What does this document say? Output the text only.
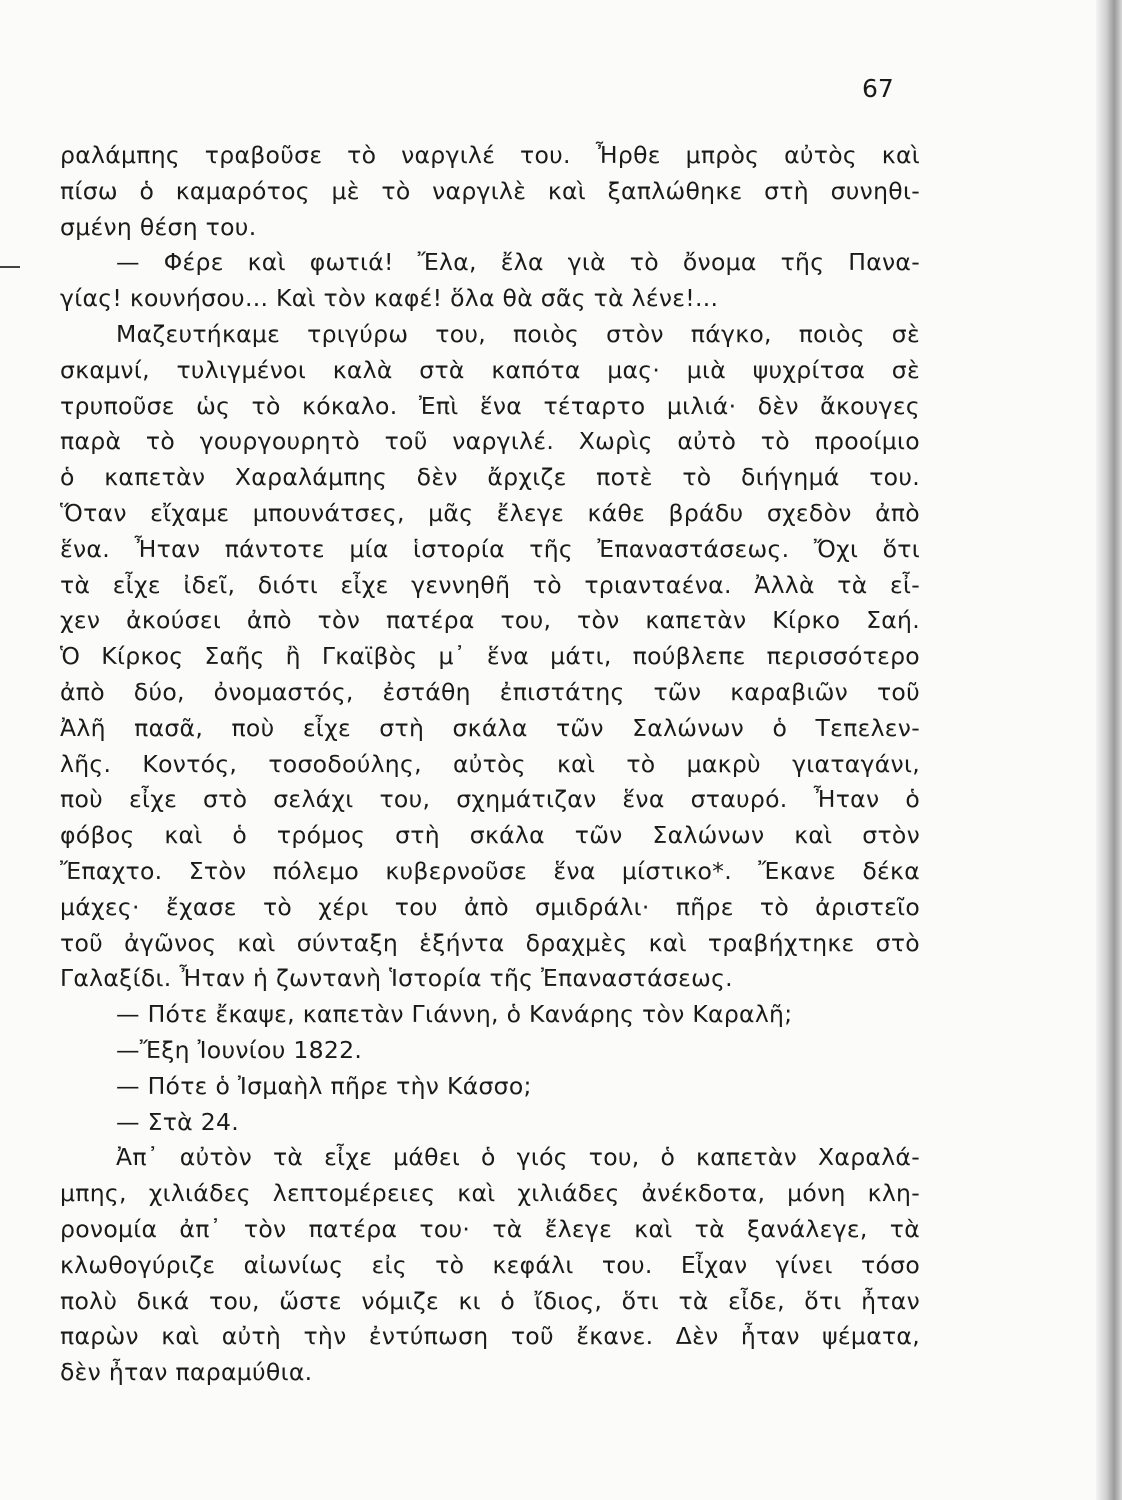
67
ραλάμπης τραβοῦσε τὸ ναργιλέ του. Ἦρθε μπρὸς αὐτὸς καὶ
πίσω ὁ καμαρότος μὲ τὸ ναργιλὲ καὶ ξαπλώθηκε στὴ συνηθι-
σμένη θέση του.
— Φέρε καὶ φωτιά! Ἔλα, ἔλα γιὰ τὸ ὄνομα τῆς Πανα-
γίας! κουνήσου... Καὶ τὸν καφέ! ὅλα θὰ σᾶς τὰ λένε!...
Μαζευτήκαμε τριγύρω του, ποιὸς στὸν πάγκο, ποιὸς σὲ
σκαμνί, τυλιγμένοι καλὰ στὰ καπότα μας· μιὰ ψυχρίτσα σὲ
τρυποῦσε ὡς τὸ κόκαλο. Ἐπὶ ἕνα τέταρτο μιλιά· δὲν ἄκουγες
παρὰ τὸ γουργουρητὸ τοῦ ναργιλέ. Χωρὶς αὐτὸ τὸ προοίμιο
ὁ καπετὰν Χαραλάμπης δὲν ἄρχιζε ποτὲ τὸ διήγημά του.
Ὅταν εἴχαμε μπουνάτσες, μᾶς ἔλεγε κάθε βράδυ σχεδὸν ἀπὸ
ἕνα. Ἦταν πάντοτε μία ἱστορία τῆς Ἐπαναστάσεως. Ὄχι ὅτι
τὰ εἶχε ἰδεῖ, διότι εἶχε γεννηθῆ τὸ τριανταένα. Ἀλλὰ τὰ εἶ-
χεν ἀκούσει ἀπὸ τὸν πατέρα του, τὸν καπετὰν Κίρκο Σαή.
Ὁ Κίρκος Σαῆς ἢ Γκαϊβὸς μ᾽ ἕνα μάτι, πούβλεπε περισσότερο
ἀπὸ δύο, ὀνομαστός, ἐστάθη ἐπιστάτης τῶν καραβιῶν τοῦ
Ἀλῆ πασᾶ, ποὺ εἶχε στὴ σκάλα τῶν Σαλώνων ὁ Τεπελεν-
λῆς. Κοντός, τοσοδούλης, αὐτὸς καὶ τὸ μακρὺ γιαταγάνι,
ποὺ εἶχε στὸ σελάχι του, σχημάτιζαν ἕνα σταυρό. Ἦταν ὁ
φόβος καὶ ὁ τρόμος στὴ σκάλα τῶν Σαλώνων καὶ στὸν
Ἔπαχτο. Στὸν πόλεμο κυβερνοῦσε ἕνα μίστικο*. Ἔκανε δέκα
μάχες· ἔχασε τὸ χέρι του ἀπὸ σμιδράλι· πῆρε τὸ ἀριστεῖο
τοῦ ἀγῶνος καὶ σύνταξη ἑξήντα δραχμὲς καὶ τραβήχτηκε στὸ
Γαλαξίδι. Ἦταν ἡ ζωντανὴ Ἱστορία τῆς Ἐπαναστάσεως.
— Πότε ἔκαψε, καπετὰν Γιάννη, ὁ Κανάρης τὸν Καραλῆ;
—Ἔξη Ἰουνίου 1822.
— Πότε ὁ Ἰσμαὴλ πῆρε τὴν Κάσσο;
— Στὰ 24.
Ἀπ᾽ αὐτὸν τὰ εἶχε μάθει ὁ γιός του, ὁ καπετὰν Χαραλά-
μπης, χιλιάδες λεπτομέρειες καὶ χιλιάδες ἀνέκδοτα, μόνη κλη-
ρονομία ἀπ᾽ τὸν πατέρα του· τὰ ἔλεγε καὶ τὰ ξανάλεγε, τὰ
κλωθογύριζε αἰωνίως εἰς τὸ κεφάλι του. Εἶχαν γίνει τόσο
πολὺ δικά του, ὥστε νόμιζε κι ὁ ἴδιος, ὅτι τὰ εἶδε, ὅτι ἦταν
παρὼν καὶ αὐτὴ τὴν ἐντύπωση τοῦ ἔκανε. Δὲν ἦταν ψέματα,
δὲν ἦταν παραμύθια.
